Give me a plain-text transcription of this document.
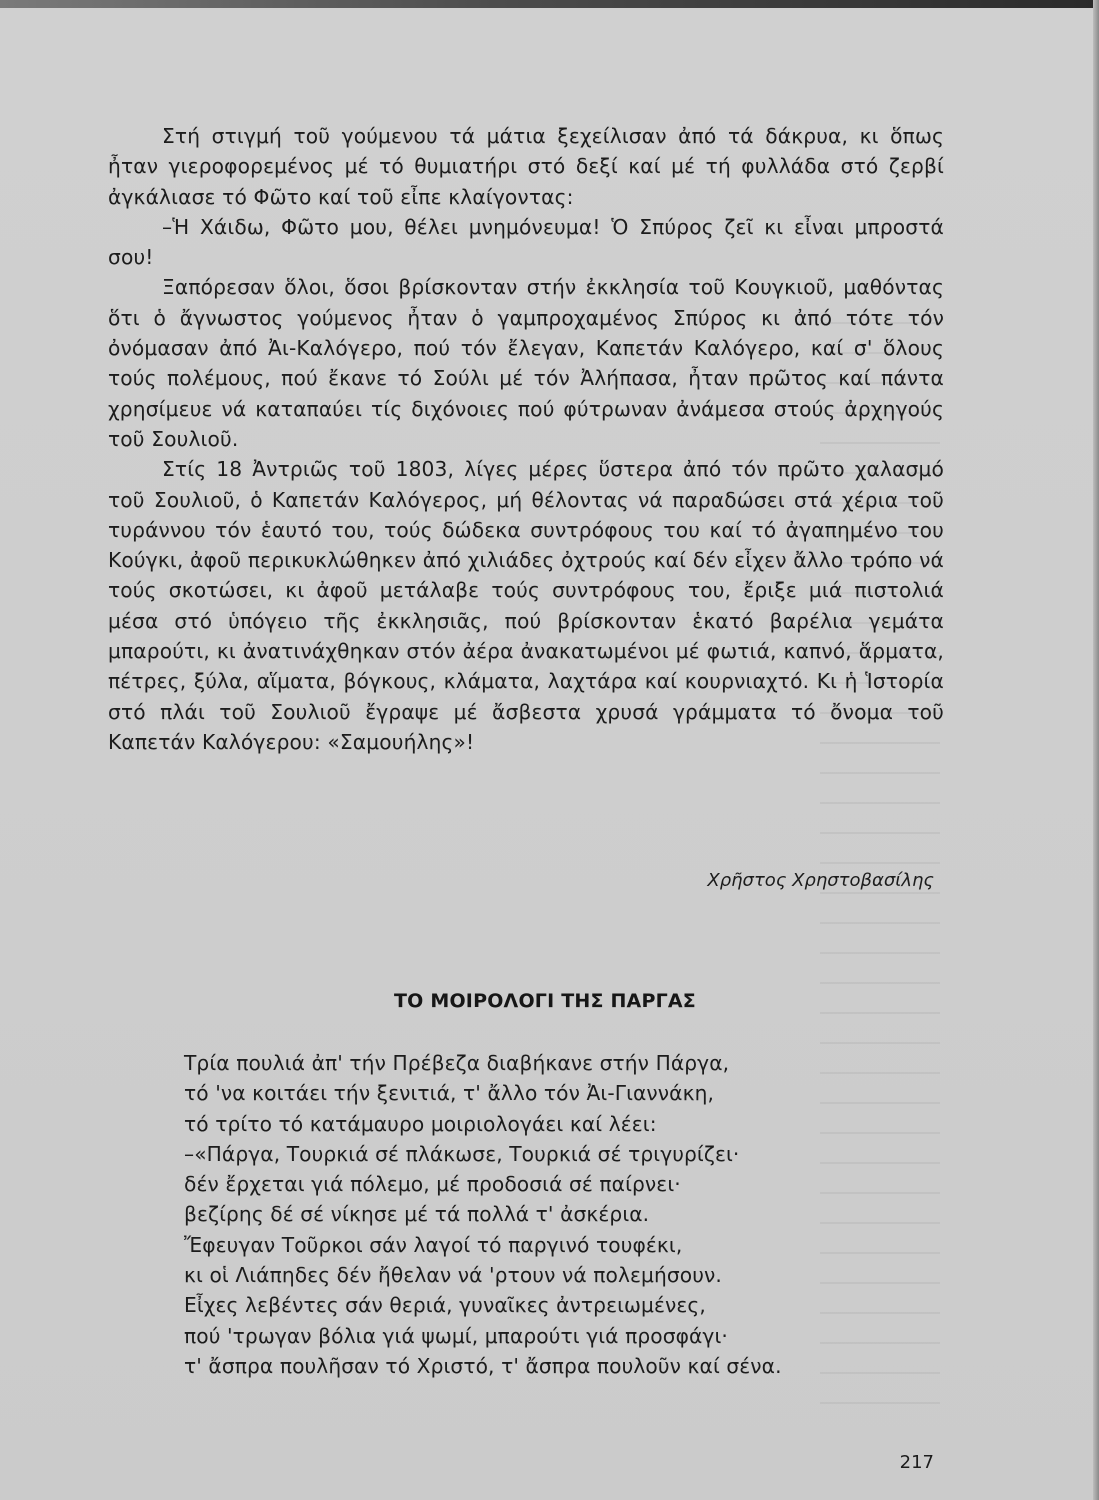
Στή στιγμή τοῦ γούμενου τά μάτια ξεχείλισαν ἀπό τά δάκρυα, κι ὅπως ἦταν γιεροφορεμένος μέ τό θυμιατήρι στό δεξί καί μέ τή φυλλάδα στό ζερβί ἀγκάλιασε τό Φῶτο καί τοῦ εἶπε κλαίγοντας:

–Ἡ Χάιδω, Φῶτο μου, θέλει μνημόνευμα! Ὁ Σπύρος ζεῖ κι εἶναι μπροστά σου!

Ξαπόρεσαν ὅλοι, ὅσοι βρίσκονταν στήν ἐκκλησία τοῦ Κουγκιοῦ, μαθόντας ὅτι ὁ ἄγνωστος γούμενος ἦταν ὁ γαμπροχαμένος Σπύρος κι ἀπό τότε τόν ὀνόμασαν ἀπό Ἀι-Καλόγερο, πού τόν ἔλεγαν, Καπετάν Καλόγερο, καί σ' ὅλους τούς πολέμους, πού ἔκανε τό Σούλι μέ τόν Ἀλήπασα, ἦταν πρῶτος καί πάντα χρησίμευε νά καταπαύει τίς διχόνοιες πού φύτρωναν ἀνάμεσα στούς ἀρχηγούς τοῦ Σουλιοῦ.

Στίς 18 Ἀντριῶς τοῦ 1803, λίγες μέρες ὕστερα ἀπό τόν πρῶτο χαλασμό τοῦ Σουλιοῦ, ὁ Καπετάν Καλόγερος, μή θέλοντας νά παραδώσει στά χέρια τοῦ τυράννου τόν ἑαυτό του, τούς δώδεκα συντρόφους του καί τό ἀγαπημένο του Κούγκι, ἀφοῦ περικυκλώθηκεν ἀπό χιλιάδες ὀχτρούς καί δέν εἶχεν ἄλλο τρόπο νά τούς σκοτώσει, κι ἀφοῦ μετάλαβε τούς συντρόφους του, ἔριξε μιά πιστολιά μέσα στό ὑπόγειο τῆς ἐκκλησιᾶς, πού βρίσκονταν ἑκατό βαρέλια γεμάτα μπαρούτι, κι ἀνατινάχθηκαν στόν ἀέρα ἀνακατωμένοι μέ φωτιά, καπνό, ἅρματα, πέτρες, ξύλα, αἵματα, βόγκους, κλάματα, λαχτάρα καί κουρνιαχτό. Κι ἡ Ἱστορία στό πλάι τοῦ Σουλιοῦ ἔγραψε μέ ἄσβεστα χρυσά γράμματα τό ὄνομα τοῦ Καπετάν Καλόγερου: «Σαμουήλης»!

Χρῆστος Χρηστοβασίλης
ΤΟ ΜΟΙΡΟΛΟΓΙ ΤΗΣ ΠΑΡΓΑΣ
Τρία πουλιά ἀπ' τήν Πρέβεζα διαβήκανε στήν Πάργα,
τό 'να κοιτάει τήν ξενιτιά, τ' ἄλλο τόν Ἀι-Γιαννάκη,
τό τρίτο τό κατάμαυρο μοιριολογάει καί λέει:
–«Πάργα, Τουρκιά σέ πλάκωσε, Τουρκιά σέ τριγυρίζει·
δέν ἔρχεται γιά πόλεμο, μέ προδοσιά σέ παίρνει·
βεζίρης δέ σέ νίκησε μέ τά πολλά τ' ἀσκέρια.
Ἔφευγαν Τοῦρκοι σάν λαγοί τό παργινό τουφέκι,
κι οἱ Λιάπηδες δέν ἤθελαν νά 'ρτουν νά πολεμήσουν.
Εἶχες λεβέντες σάν θεριά, γυναῖκες ἀντρειωμένες,
πού 'τρωγαν βόλια γιά ψωμί, μπαρούτι γιά προσφάγι·
τ' ἄσπρα πουλῆσαν τό Χριστό, τ' ἄσπρα πουλοῦν καί σένα.
217
